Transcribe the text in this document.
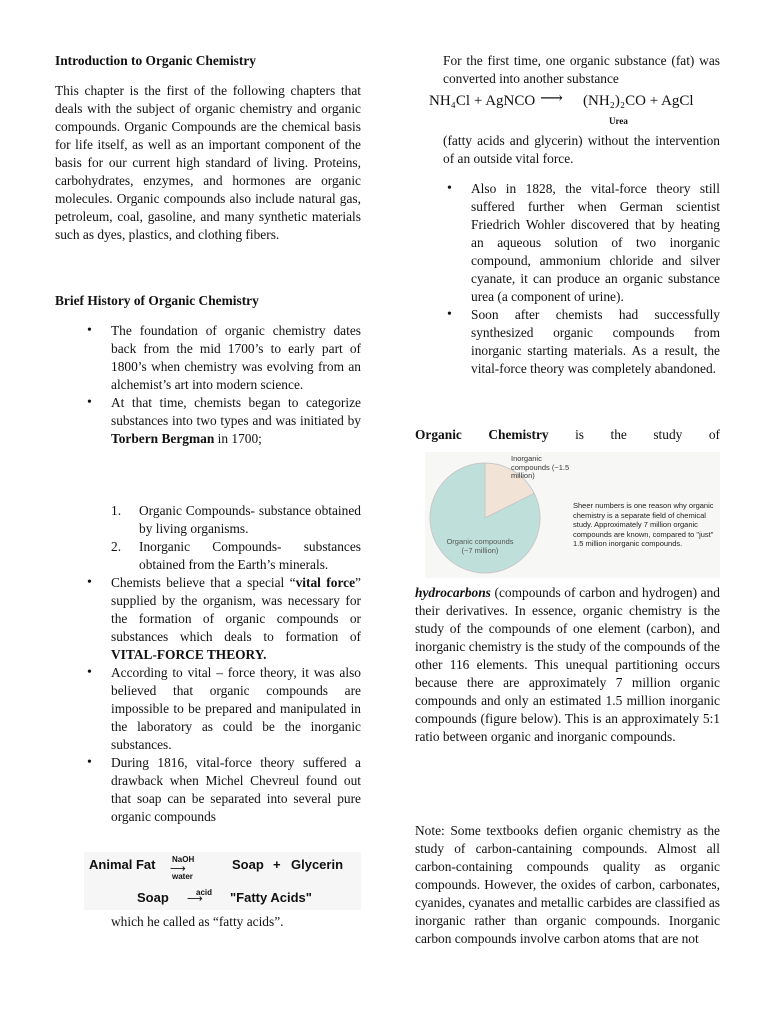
Introduction to Organic Chemistry

This chapter is the first of the following chapters that deals with the subject of organic chemistry and organic compounds. Organic Compounds are the chemical basis for life itself, as well as an important component of the basis for our current high standard of living. Proteins, carbohydrates, enzymes, and hormones are organic molecules. Organic compounds also include natural gas, petroleum, coal, gasoline, and many synthetic materials such as dyes, plastics, and clothing fibers.

Brief History of Organic Chemistry

• The foundation of organic chemistry dates back from the mid 1700’s to early part of 1800’s when chemistry was evolving from an alchemist’s art into modern science.
• At that time, chemists began to categorize substances into two types and was initiated by Torbern Bergman in 1700;
1. Organic Compounds- substance obtained by living organisms.
2. Inorganic Compounds- substances obtained from the Earth’s minerals.
• Chemists believe that a special “vital force” supplied by the organism, was necessary for the formation of organic compounds or substances which deals to formation of VITAL-FORCE THEORY.
• According to vital – force theory, it was also believed that organic compounds are impossible to be prepared and manipulated in the laboratory as could be the inorganic substances.
• During 1816, vital-force theory suffered a drawback when Michel Chevreul found out that soap can be separated into several pure organic compounds
Animal Fat NaOH
⟶
water
Soap + Glycerin
Soap	acid
⟶ "Fatty Acids"

which he called as “fatty acids”.

For the first time, one organic substance (fat) was converted into another substance

NH₄Cl + AgNCO ⟶ (NH₂)₂CO + AgCl
Urea

(fatty acids and glycerin) without the intervention of an outside vital force.

• Also in 1828, the vital-force theory still suffered further when German scientist Friedrich Wohler discovered that by heating an aqueous solution of two inorganic compound, ammonium chloride and silver cyanate, it can produce an organic substance urea (a component of urine).
• Soon after chemists had successfully synthesized organic compounds from inorganic starting materials. As a result, the vital-force theory was completely abandoned.

Organic Chemistry is the study of

Inorganic compounds (~1.5 million)
Organic compounds (~7 million)
Sheer numbers is one reason why organic chemistry is a separate field of chemical study. Approximately 7 million organic compounds are known, compared to "just" 1.5 million inorganic compounds.

hydrocarbons (compounds of carbon and hydrogen) and their derivatives. In essence, organic chemistry is the study of the compounds of one element (carbon), and inorganic chemistry is the study of the compounds of the other 116 elements. This unequal partitioning occurs because there are approximately 7 million organic compounds and only an estimated 1.5 million inorganic compounds (figure below). This is an approximately 5:1 ratio between organic and inorganic compounds.

Note: Some textbooks defien organic chemistry as the study of carbon-cantaining compounds. Almost all carbon-containing compounds quality as organic compounds. However, the oxides of carbon, carbonates, cyanides, cyanates and metallic carbides are classified as inorganic rather than organic compounds. Inorganic carbon compounds involve carbon atoms that are not
